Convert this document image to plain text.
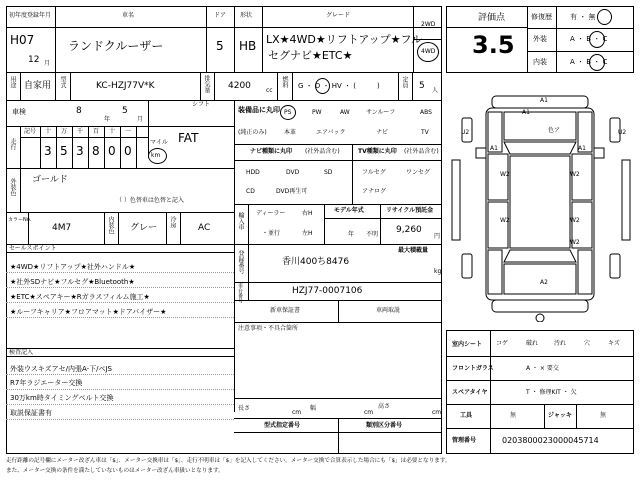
初年度登録年月
H07
12 月
車名
ランドクルーザー
ドア
5
形状
HB
グレード
LX★4WD★リフトアップ★フル
セグナビ★ETC★
2WD
4WD
用途 自家用 型式	KC-HZJ77V*K	排気量 4200	cc
燃料 G ・ D ・ HV ・ (　　　)	定員 5 人
評価点
3.5
修復歴	有 ・ 無
外装	A ・ B ・ C
内装	A ・ B ・ C
車検	8
年
5
月
シフト
FAT
走行
記号 十 万 千 百 十 一
3 5 3 8 0 0
マイル
km
外装色 ゴールド
（ ）色替車は色替と記入
カラーNo.
4M7	内装色 グレー 冷房 AC
セールスポイント
★4WD★リフトアップ★社外ハンドル★
★社外SDナビ★フルセグ★Bluetooth★
★ETC★スペアキー★Rガラスフィルム施工★
★ルーフキャリア★フロアマット★ドアバイザー★
検査記入
外装ウスキズアセ/内張A-下/ペJS
R7年ラジエーター交換
30万km時タイミングベルト交換
取説保証書有
装備品に丸印
(純正のみ)
PS	PW	AW	サンルーフ	ABS
本革	エアバック	ナビ	TV
ナビ種類に丸印 (社外品含む)	TV種類に丸印 (社外品含む)
HDD	DVD	SD
CD	DVD再生可
フルセグ	ワンセグ
アナログ
輸入車 ディーラー
・並行
右H
左H
モデル年式
年 不明
リサイクル預託金
9,260
円
登録番号	香川400ち8476
最大積載量
kg
車台番号	HZJ77-0007106
新車保証書	車両取説
注意事項・不具合箇所
長さ
cm
幅
cm
高さ
cm
型式指定番号	類別区分番号
A1
A1
A1	A1
U2	U2
色ア
W2	W2
W2	W2
W2
A2
室内シート	コゲ	破れ	汚れ	穴	キズ
フロントガラス	A ・ × 要交
スペアタイヤ	T ・ 修理KIT ・ 欠
工具	無	ジャッキ	無
管理番号	0203800023000045714
走行距離の記号欄にメーター改ざん車は「$」、メーター交換車は「$」、走行不明車は「$」を記入してください。メーター交換で合算表示した場合にも「$」は必要となります。
また、メーター交換の条件を満たしていないものはメーター改ざん車扱いとなります。
